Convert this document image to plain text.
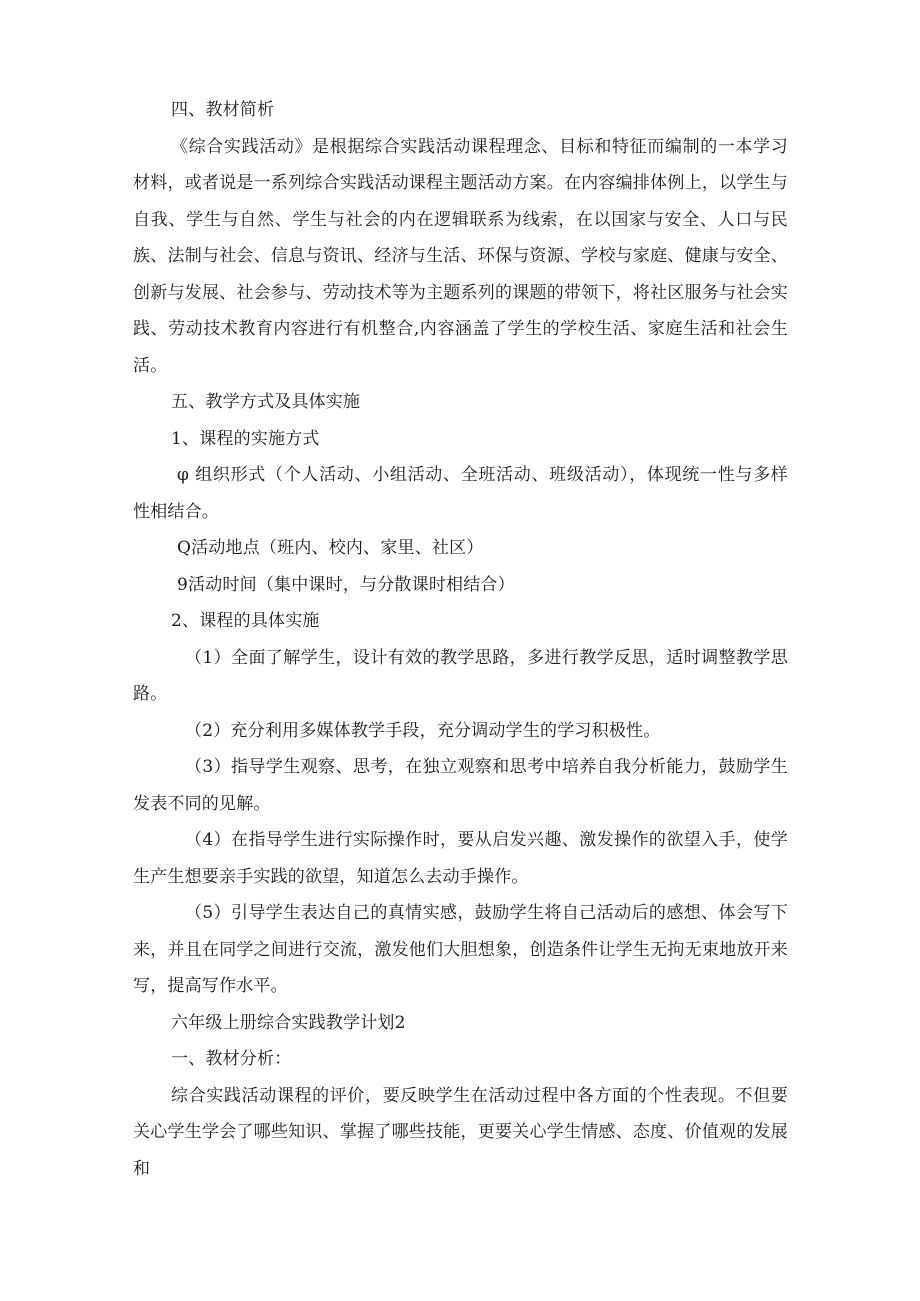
四、教材简析

《综合实践活动》是根据综合实践活动课程理念、目标和特征而编制的一本学习材料，或者说是一系列综合实践活动课程主题活动方案。在内容编排体例上，以学生与自我、学生与自然、学生与社会的内在逻辑联系为线索，在以国家与安全、人口与民族、法制与社会、信息与资讯、经济与生活、环保与资源、学校与家庭、健康与安全、创新与发展、社会参与、劳动技术等为主题系列的课题的带领下，将社区服务与社会实践、劳动技术教育内容进行有机整合,内容涵盖了学生的学校生活、家庭生活和社会生活。

五、教学方式及具体实施

1、课程的实施方式

φ 组织形式（个人活动、小组活动、全班活动、班级活动），体现统一性与多样性相结合。

Q活动地点（班内、校内、家里、社区）

9活动时间（集中课时，与分散课时相结合）

2、课程的具体实施

（1）全面了解学生，设计有效的教学思路，多进行教学反思，适时调整教学思路。

（2）充分利用多媒体教学手段，充分调动学生的学习积极性。

（3）指导学生观察、思考，在独立观察和思考中培养自我分析能力，鼓励学生发表不同的见解。

（4）在指导学生进行实际操作时，要从启发兴趣、激发操作的欲望入手，使学生产生想要亲手实践的欲望，知道怎么去动手操作。

（5）引导学生表达自己的真情实感，鼓励学生将自己活动后的感想、体会写下来，并且在同学之间进行交流，激发他们大胆想象，创造条件让学生无拘无束地放开来写，提高写作水平。

六年级上册综合实践教学计划2

一、教材分析：

综合实践活动课程的评价，要反映学生在活动过程中各方面的个性表现。不但要关心学生学会了哪些知识、掌握了哪些技能，更要关心学生情感、态度、价值观的发展和
